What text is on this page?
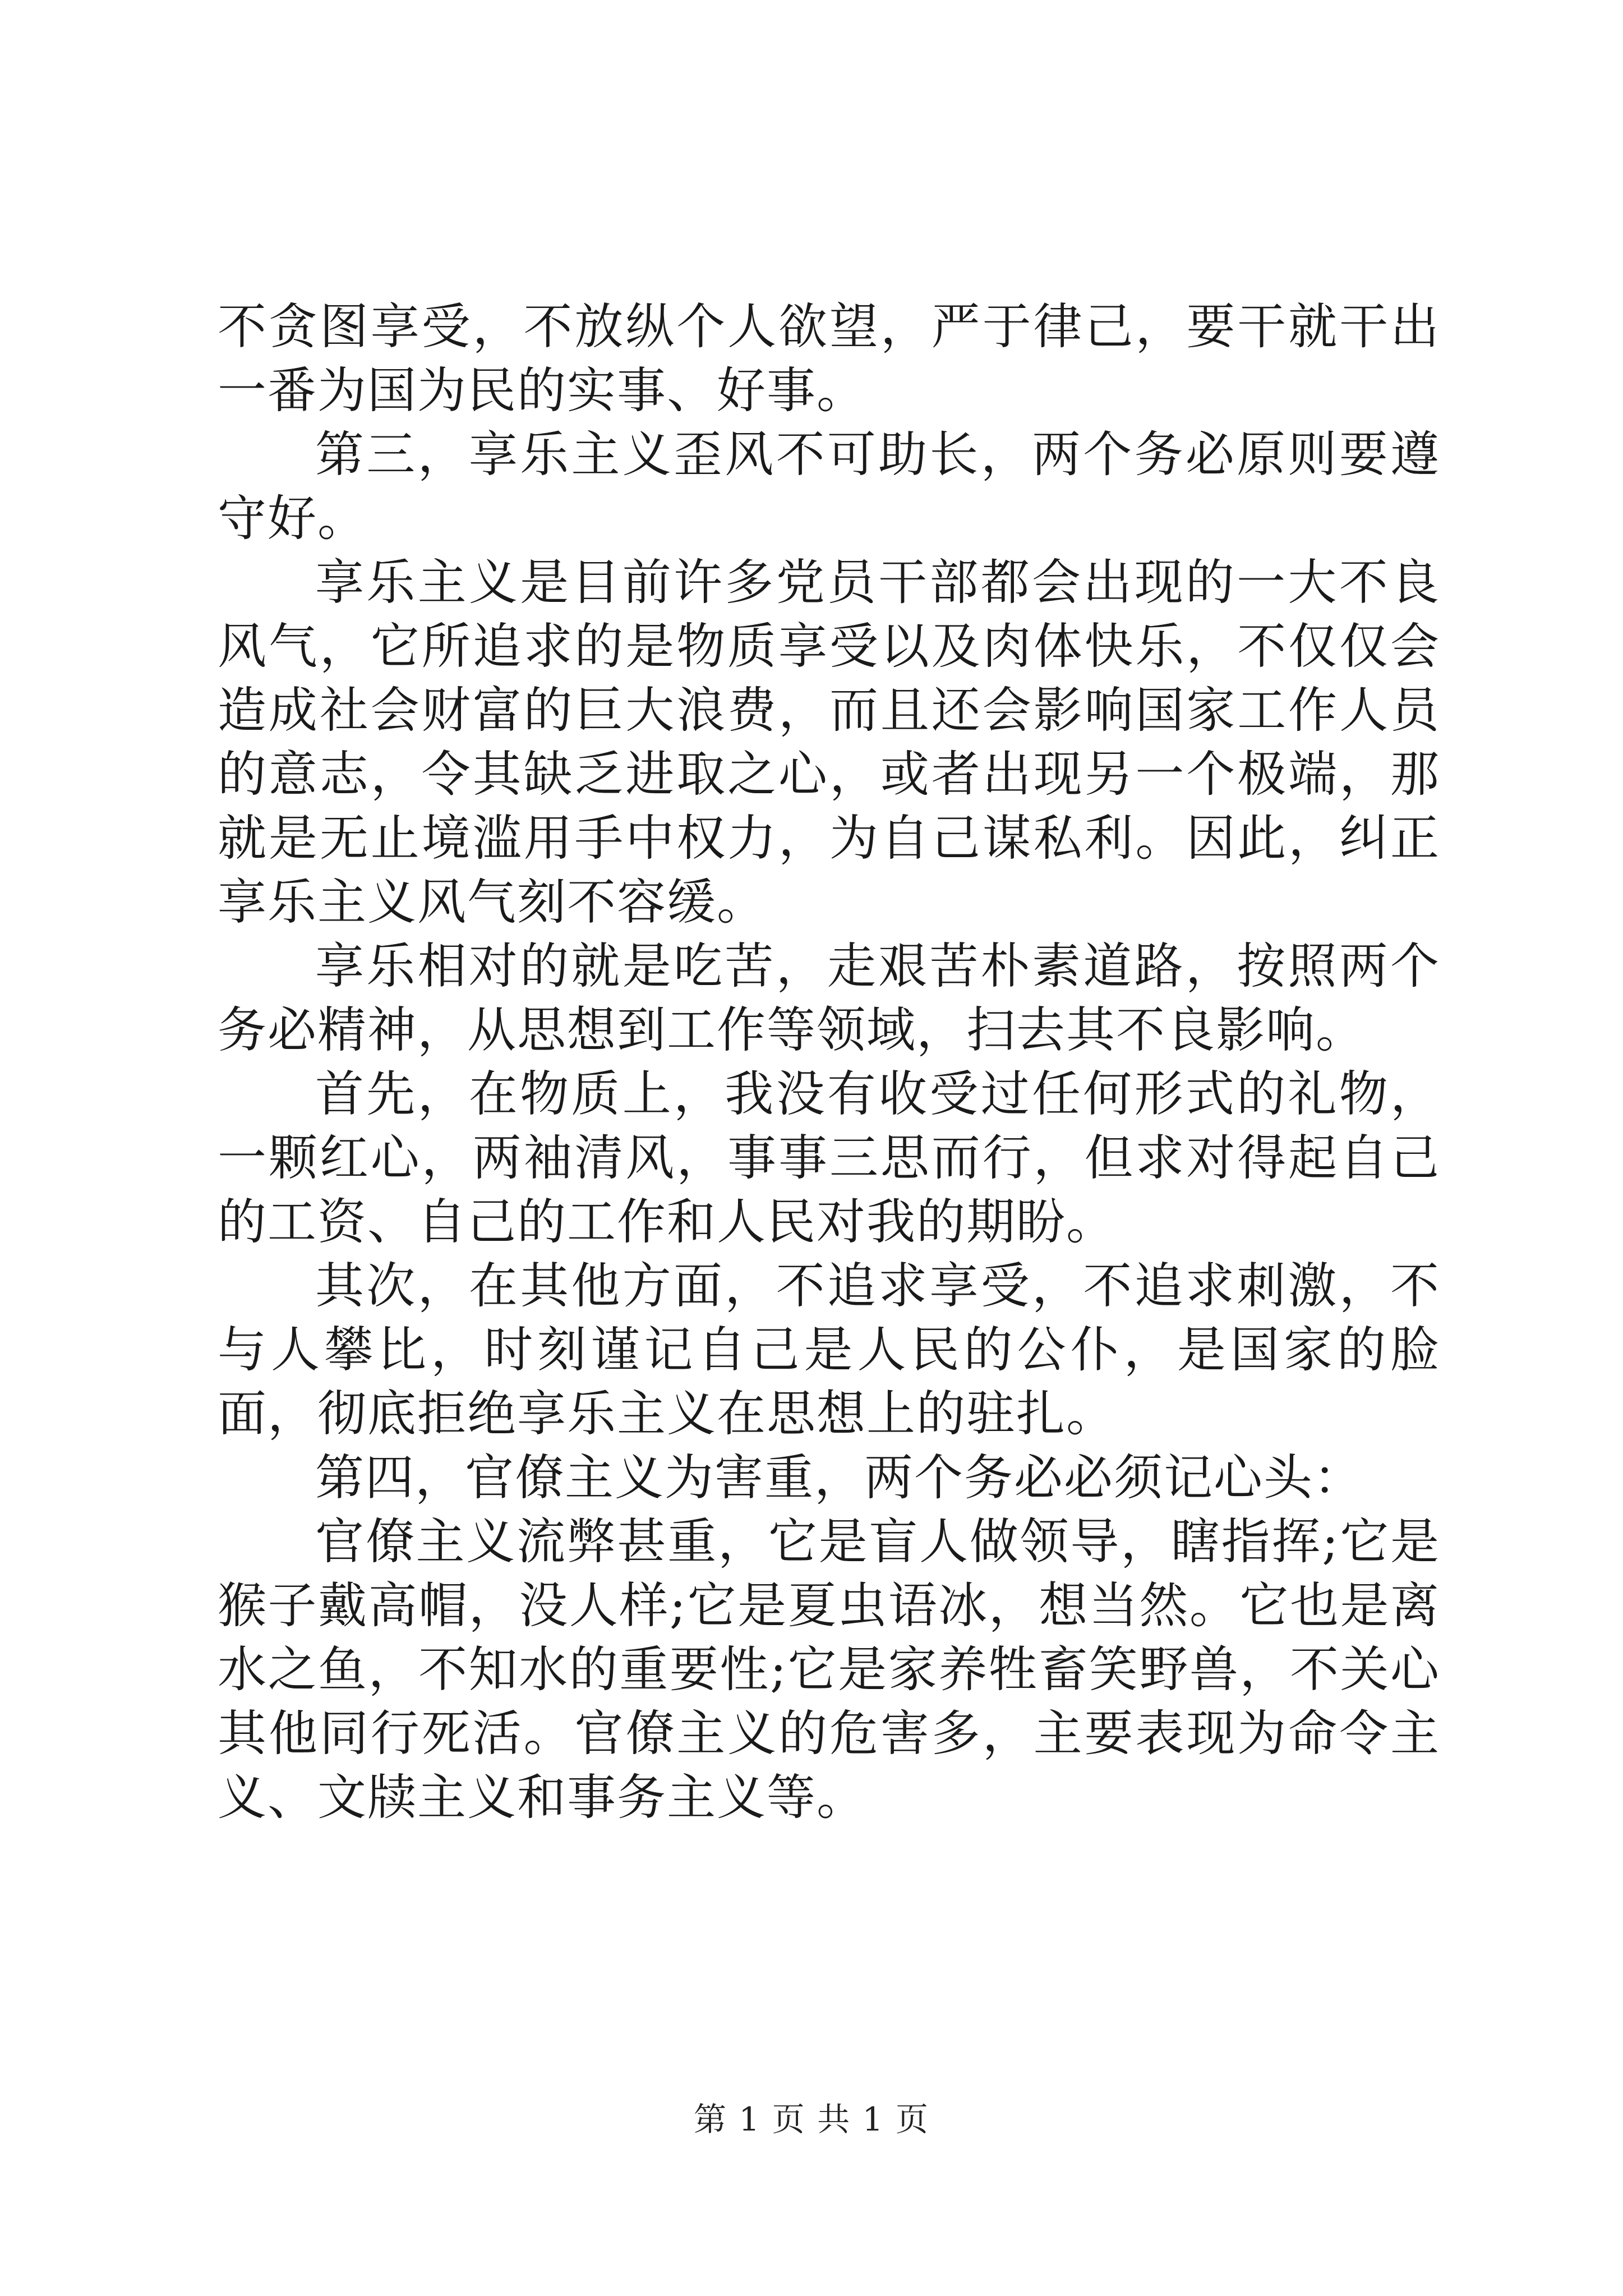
不贪图享受，不放纵个人欲望，严于律己，要干就干出一番为国为民的实事、好事。

第三，享乐主义歪风不可助长，两个务必原则要遵守好。

享乐主义是目前许多党员干部都会出现的一大不良风气，它所追求的是物质享受以及肉体快乐，不仅仅会造成社会财富的巨大浪费，而且还会影响国家工作人员的意志，令其缺乏进取之心，或者出现另一个极端，那就是无止境滥用手中权力，为自己谋私利。因此，纠正享乐主义风气刻不容缓。

享乐相对的就是吃苦，走艰苦朴素道路，按照两个务必精神，从思想到工作等领域，扫去其不良影响。

首先，在物质上，我没有收受过任何形式的礼物，一颗红心，两袖清风，事事三思而行，但求对得起自己的工资、自己的工作和人民对我的期盼。

其次，在其他方面，不追求享受，不追求刺激，不与人攀比，时刻谨记自己是人民的公仆，是国家的脸面，彻底拒绝享乐主义在思想上的驻扎。

第四，官僚主义为害重，两个务必必须记心头：

官僚主义流弊甚重，它是盲人做领导，瞎指挥;它是猴子戴高帽，没人样;它是夏虫语冰，想当然。它也是离水之鱼，不知水的重要性;它是家养牲畜笑野兽，不关心其他同行死活。官僚主义的危害多，主要表现为命令主义、文牍主义和事务主义等。

第 1 页 共 1 页
